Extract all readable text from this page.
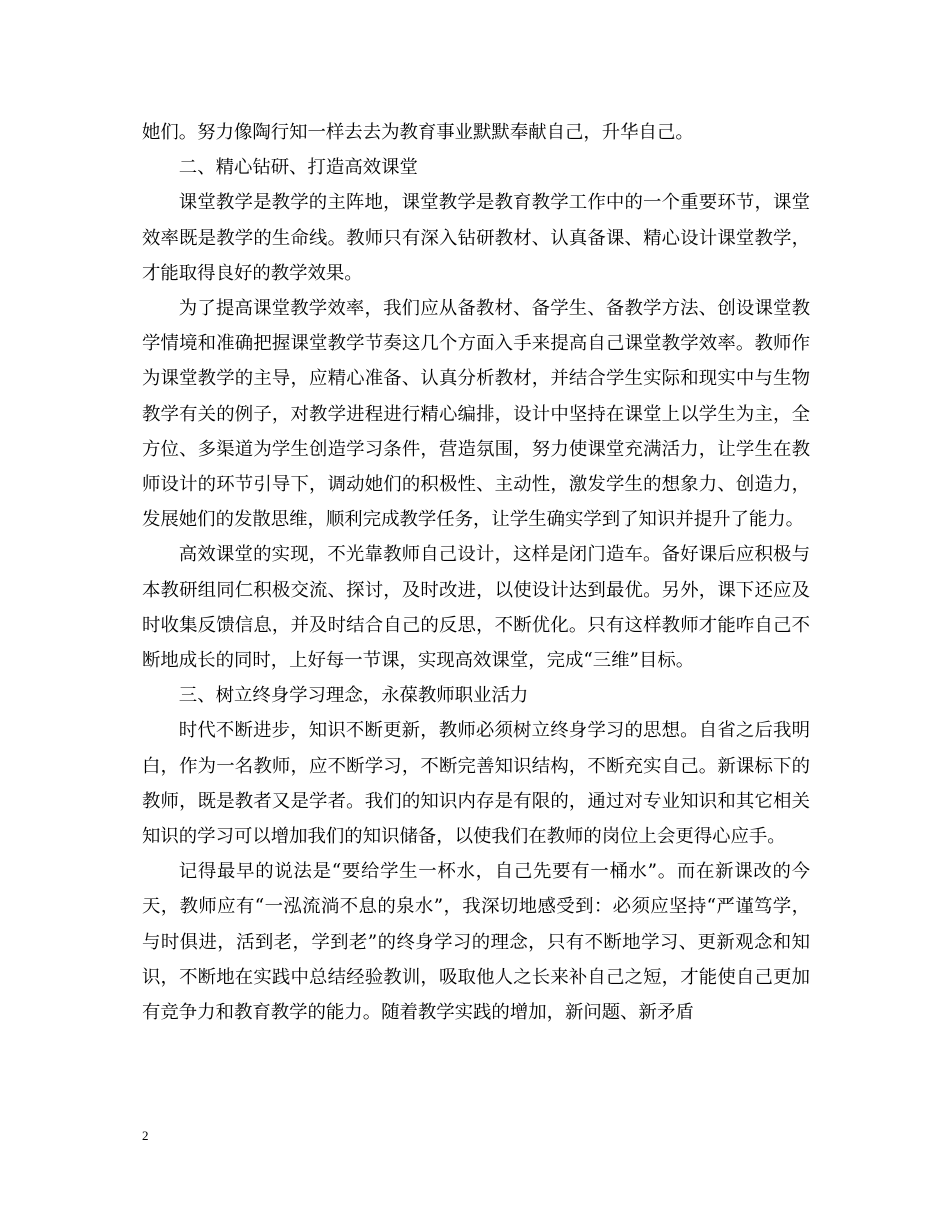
她们。努力像陶行知一样去去为教育事业默默奉献自己，升华自己。

二、精心钻研、打造高效课堂

课堂教学是教学的主阵地，课堂教学是教育教学工作中的一个重要环节，课堂效率既是教学的生命线。教师只有深入钻研教材、认真备课、精心设计课堂教学，才能取得良好的教学效果。

为了提高课堂教学效率，我们应从备教材、备学生、备教学方法、创设课堂教学情境和准确把握课堂教学节奏这几个方面入手来提高自己课堂教学效率。教师作为课堂教学的主导，应精心准备、认真分析教材，并结合学生实际和现实中与生物教学有关的例子，对教学进程进行精心编排，设计中坚持在课堂上以学生为主，全方位、多渠道为学生创造学习条件，营造氛围，努力使课堂充满活力，让学生在教师设计的环节引导下，调动她们的积极性、主动性，激发学生的想象力、创造力，发展她们的发散思维，顺利完成教学任务，让学生确实学到了知识并提升了能力。

高效课堂的实现，不光靠教师自己设计，这样是闭门造车。备好课后应积极与本教研组同仁积极交流、探讨，及时改进，以使设计达到最优。另外，课下还应及时收集反馈信息，并及时结合自己的反思，不断优化。只有这样教师才能咋自己不断地成长的同时，上好每一节课，实现高效课堂，完成“三维”目标。

三、树立终身学习理念，永葆教师职业活力

时代不断进步，知识不断更新，教师必须树立终身学习的思想。自省之后我明白，作为一名教师，应不断学习，不断完善知识结构，不断充实自己。新课标下的教师，既是教者又是学者。我们的知识内存是有限的，通过对专业知识和其它相关知识的学习可以增加我们的知识储备，以使我们在教师的岗位上会更得心应手。

记得最早的说法是“要给学生一杯水，自己先要有一桶水”。而在新课改的今天，教师应有“一泓流淌不息的泉水”，我深切地感受到：必须应坚持“严谨笃学，与时俱进，活到老，学到老”的终身学习的理念，只有不断地学习、更新观念和知识，不断地在实践中总结经验教训，吸取他人之长来补自己之短，才能使自己更加有竞争力和教育教学的能力。随着教学实践的增加，新问题、新矛盾

2
